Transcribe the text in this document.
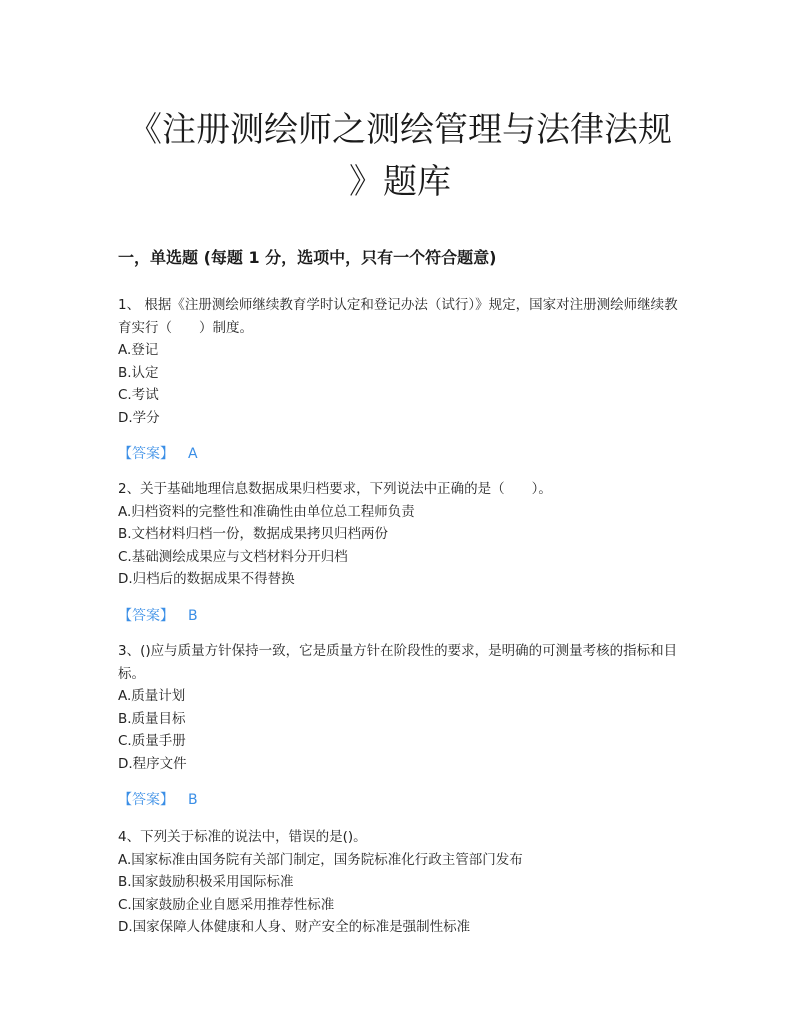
《注册测绘师之测绘管理与法律法规
》题库
一，单选题 (每题 1 分，选项中，只有一个符合题意)

1、 根据《注册测绘师继续教育学时认定和登记办法（试行）》规定，国家对注册测绘师继续教育实行（　　）制度。

A.登记

B.认定

C.考试

D.学分

【答案】 A

2、关于基础地理信息数据成果归档要求，下列说法中正确的是（　　）。

A.归档资料的完整性和准确性由单位总工程师负责

B.文档材料归档一份，数据成果拷贝归档两份

C.基础测绘成果应与文档材料分开归档

D.归档后的数据成果不得替换

【答案】 B

3、()应与质量方针保持一致，它是质量方针在阶段性的要求，是明确的可测量考核的指标和目标。

A.质量计划

B.质量目标

C.质量手册

D.程序文件

【答案】 B

4、下列关于标准的说法中，错误的是()。

A.国家标准由国务院有关部门制定，国务院标准化行政主管部门发布

B.国家鼓励积极采用国际标准

C.国家鼓励企业自愿采用推荐性标准

D.国家保障人体健康和人身、财产安全的标准是强制性标准
